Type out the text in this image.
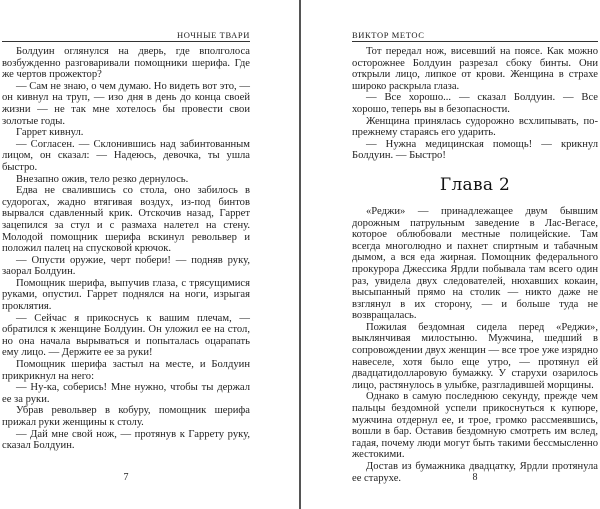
НОЧНЫЕ ТВАРИ

Болдуин оглянулся на дверь, где вполголоса возбужденно разговаривали помощники шерифа. Где же чертов прожектор?

— Сам не знаю, о чем думаю. Но видеть вот это, — он кивнул на труп, — изо дня в день до конца своей жизни — не так мне хотелось бы провести свои золотые годы.

Гаррет кивнул.

— Согласен. — Склонившись над забинтованным лицом, он сказал: — Надеюсь, девочка, ты ушла быстро.

Внезапно ожив, тело резко дернулось.

Едва не свалившись со стола, оно забилось в судорогах, жадно втягивая воздух, из-под бинтов вырвался сдавленный крик. Отскочив назад, Гаррет зацепился за стул и с размаха налетел на стену. Молодой помощник шерифа вскинул револьвер и положил палец на спусковой крючок.

— Опусти оружие, черт побери! — подняв руку, заорал Болдуин.

Помощник шерифа, выпучив глаза, с трясущимися руками, опустил. Гаррет поднялся на ноги, изрыгая проклятия.

— Сейчас я прикоснусь к вашим плечам, — обратился к женщине Болдуин. Он уложил ее на стол, но она начала вырываться и попыталась оцарапать ему лицо. — Держите ее за руки!

Помощник шерифа застыл на месте, и Болдуин прикрикнул на него:

— Ну-ка, соберись! Мне нужно, чтобы ты держал ее за руки.

Убрав револьвер в кобуру, помощник шерифа прижал руки женщины к столу.

— Дай мне свой нож, — протянув к Гаррету руку, сказал Болдуин.

7
ВИКТОР МЕТОС

Тот передал нож, висевший на поясе. Как можно осторожнее Болдуин разрезал сбоку бинты. Они открыли лицо, липкое от крови. Женщина в страхе широко раскрыла глаза.

— Все хорошо... — сказал Болдуин. — Все хорошо, теперь вы в безопасности.

Женщина принялась судорожно всхлипывать, по-прежнему стараясь его ударить.

— Нужна медицинская помощь! — крикнул Болдуин. — Быстро!

Глава 2

«Реджи» — принадлежащее двум бывшим дорожным патрульным заведение в Лас-Вегасе, которое облюбовали местные полицейские. Там всегда многолюдно и пахнет спиртным и табачным дымом, а вся еда жирная. Помощник федерального прокурора Джессика Ярдли побывала там всего один раз, увидела двух следователей, нюхавших кокаин, высыпанный прямо на столик — никто даже не взглянул в их сторону, — и больше туда не возвращалась.

Пожилая бездомная сидела перед «Реджи», выклянчивая милостыню. Мужчина, шедший в сопровождении двух женщин — все трое уже изрядно навеселе, хотя было еще утро, — протянул ей двадцатидолларовую бумажку. У старухи озарилось лицо, растянулось в улыбке, разгладившей морщины.

Однако в самую последнюю секунду, прежде чем пальцы бездомной успели прикоснуться к купюре, мужчина отдернул ее, и трое, громко рассмеявшись, вошли в бар. Оставив бездомную смотреть им вслед, гадая, почему люди могут быть такими бессмысленно жестокими.

Достав из бумажника двадцатку, Ярдли протянула ее старухе.	8
